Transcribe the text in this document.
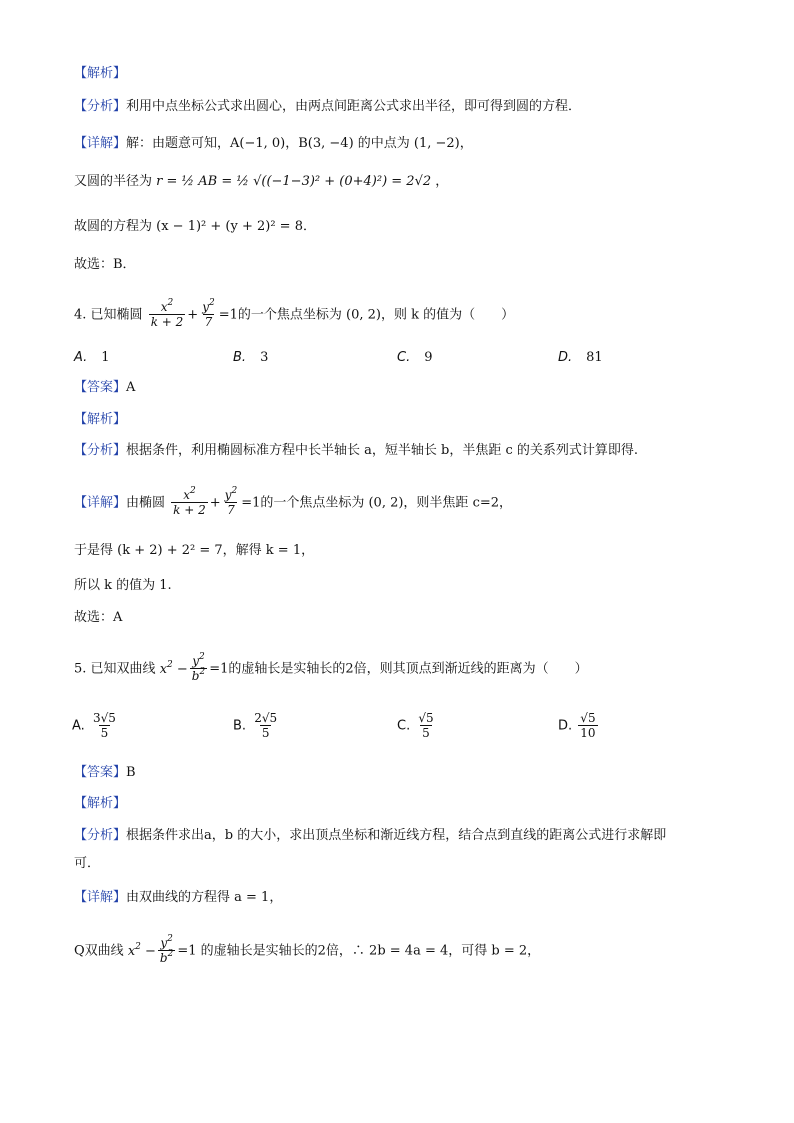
【解析】
【分析】利用中点坐标公式求出圆心，由两点间距离公式求出半径，即可得到圆的方程．
【详解】解：由题意可知，A(−1, 0)，B(3, −4) 的中点为 (1, −2)，
又圆的半径为 r = ½ AB = ½ √((−1−3)² + (0+4)²) = 2√2 ，
故圆的方程为 (x − 1)² + (y + 2)² = 8．
故选：B．
4. 已知椭圆 $\frac{x^2}{k + 2} + \frac{y^2}{7} =1$的一个焦点坐标为 (0, 2)，则 k 的值为（　　）
A. 1	B. 3	C. 9	D. 81
【答案】A
【解析】
【分析】根据条件，利用椭圆标准方程中长半轴长 a，短半轴长 b，半焦距 c 的关系列式计算即得.
【详解】由椭圆 $\frac{x^2}{k + 2} + \frac{y^2}{7} =1$的一个焦点坐标为 (0, 2)，则半焦距 c=2，
于是得 (k + 2) + 2² = 7，解得 k = 1，
所以 k 的值为 1.
故选：A
5. 已知双曲线 $x^2 - \frac{y^2}{b^2} =1$的虚轴长是实轴长的2倍，则其顶点到渐近线的距离为（　　）
A. $\frac{3√5}{5}$	B. $\frac{2√5}{5}$	C. $\frac{√5}{5}$	D. $\frac{√5}{10}$
【答案】B
【解析】
【分析】根据条件求出a，b 的大小，求出顶点坐标和渐近线方程，结合点到直线的距离公式进行求解即
可．
【详解】由双曲线的方程得 a = 1，
Q双曲线 $x^2 - \frac{y^2}{b^2} =1$ 的虚轴长是实轴长的2倍，∴ 2b = 4a = 4，可得 b = 2，
